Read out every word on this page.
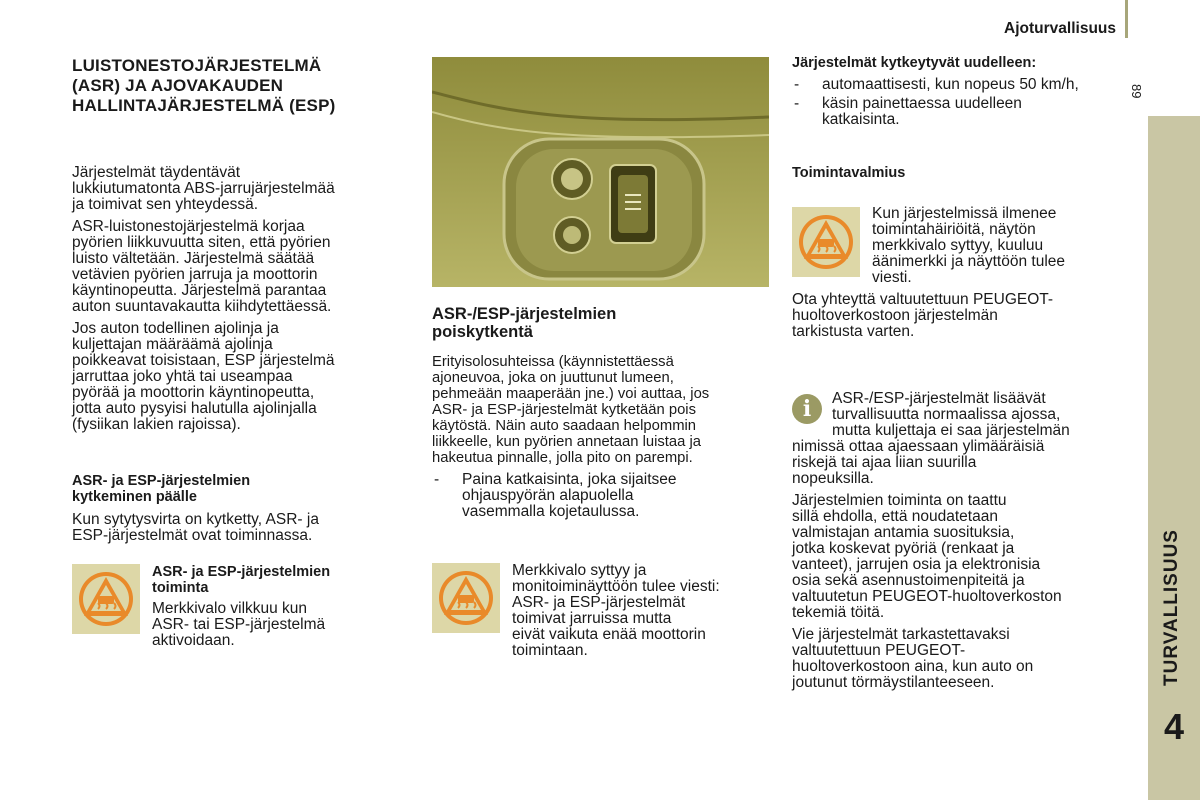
Ajoturvallisuus
89
TURVALLISUUS
4
LUISTONESTOJÄRJESTELMÄ
(ASR) JA AJOVAKAUDEN
HALLINTAJÄRJESTELMÄ (ESP)

Järjestelmät täydentävät
lukkiutumatonta ABS-jarrujärjestelmää
ja toimivat sen yhteydessä.

ASR-luistonestojärjestelmä korjaa
pyörien liikkuvuutta siten, että pyörien
luisto vältetään. Järjestelmä säätää
vetävien pyörien jarruja ja moottorin
käyntinopeutta. Järjestelmä parantaa
auton suuntavakautta kiihdytettäessä.

Jos auton todellinen ajolinja ja
kuljettajan määräämä ajolinja
poikkeavat toisistaan, ESP järjestelmä
jarruttaa joko yhtä tai useampaa
pyörää ja moottorin käyntinopeutta,
jotta auto pysyisi halutulla ajolinjalla
(fysiikan lakien rajoissa).

ASR- ja ESP-järjestelmien
kytkeminen päälle
Kun sytytysvirta on kytketty, ASR- ja
ESP-järjestelmät ovat toiminnassa.
ASR- ja ESP-järjestelmien
toiminta
Merkkivalo vilkkuu kun
ASR- tai ESP-järjestelmä
aktivoidaan.
ASR-/ESP-järjestelmien
poiskytkentä
Erityisolosuhteissa (käynnistettäessä
ajoneuvoa, joka on juuttunut lumeen,
pehmeään maaperään jne.) voi auttaa, jos
ASR- ja ESP-järjestelmät kytketään pois
käytöstä. Näin auto saadaan helpommin
liikkeelle, kun pyörien annetaan luistaa ja
hakeutua pinnalle, jolla pito on parempi.
- Paina katkaisinta, joka sijaitsee
ohjauspyörän alapuolella
vasemmalla kojetaulussa.
Merkkivalo syttyy ja
monitoiminäyttöön tulee viesti:
ASR- ja ESP-järjestelmät
toimivat jarruissa mutta
eivät vaikuta enää moottorin
toimintaan.
Järjestelmät kytkeytyvät uudelleen:
- automaattisesti, kun nopeus 50 km/h,
- käsin painettaessa uudelleen
katkaisinta.
Toimintavalmius
Kun järjestelmissä ilmenee
toimintahäiriöitä, näytön
merkkivalo syttyy, kuuluu
äänimerkki ja näyttöön tulee
viesti.
Ota yhteyttä valtuutettuun PEUGEOT-
huoltoverkostoon järjestelmän
tarkistusta varten.
i	ASR-/ESP-järjestelmät lisäävät
turvallisuutta normaalissa ajossa,
mutta kuljettaja ei saa järjestelmän

nimissä ottaa ajaessaan ylimääräisiä
riskejä tai ajaa liian suurilla
nopeuksilla.

Järjestelmien toiminta on taattu
sillä ehdolla, että noudatetaan
valmistajan antamia suosituksia,
jotka koskevat pyöriä (renkaat ja
vanteet), jarrujen osia ja elektronisia
osia sekä asennustoimenpiteitä ja
valtuutetun PEUGEOT-huoltoverkoston
tekemiä töitä.

Vie järjestelmät tarkastettavaksi
valtuutettuun PEUGEOT-
huoltoverkostoon aina, kun auto on
joutunut törmäystilanteeseen.
